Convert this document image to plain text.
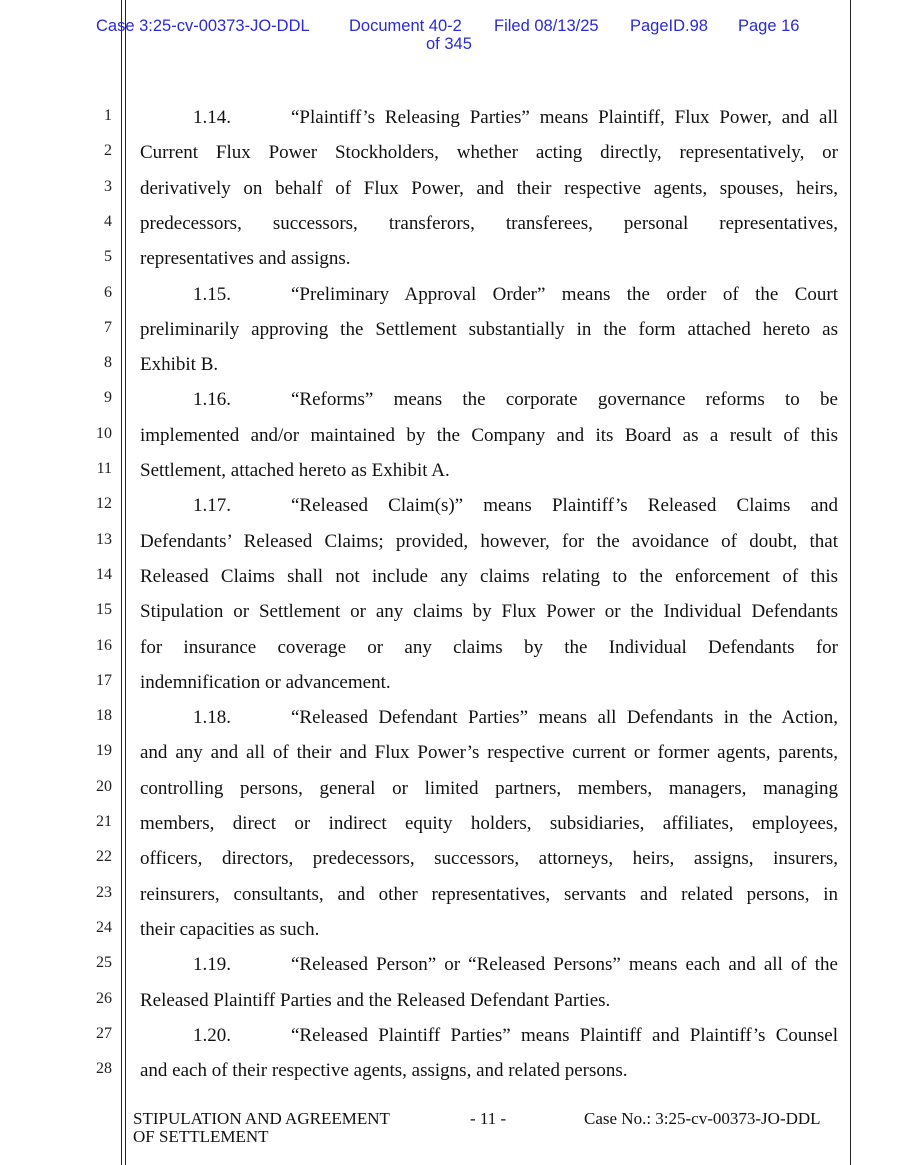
Case 3:25-cv-00373-JO-DDL Document 40-2 Filed 08/13/25 PageID.98 Page 16
of 345
1
2
3
4
5
6
7
8
9
10
11
12
13
14
15
16
17
18
19
20
21
22
23
24
25
26
27
28
1.14.	“Plaintiff’s Releasing Parties” means Plaintiff, Flux Power, and all
Current Flux Power Stockholders, whether acting directly, representatively, or
derivatively on behalf of Flux Power, and their respective agents, spouses, heirs,
predecessors, successors, transferors, transferees, personal representatives,
representatives and assigns.
1.15.	“Preliminary Approval Order” means the order of the Court
preliminarily approving the Settlement substantially in the form attached hereto as
Exhibit B.
1.16.	“Reforms” means the corporate governance reforms to be
implemented and/or maintained by the Company and its Board as a result of this
Settlement, attached hereto as Exhibit A.
1.17.	“Released Claim(s)” means Plaintiff’s Released Claims and
Defendants’ Released Claims; provided, however, for the avoidance of doubt, that
Released Claims shall not include any claims relating to the enforcement of this
Stipulation or Settlement or any claims by Flux Power or the Individual Defendants
for insurance coverage or any claims by the Individual Defendants for
indemnification or advancement.
1.18.	“Released Defendant Parties” means all Defendants in the Action,
and any and all of their and Flux Power’s respective current or former agents, parents,
controlling persons, general or limited partners, members, managers, managing
members, direct or indirect equity holders, subsidiaries, affiliates, employees,
officers, directors, predecessors, successors, attorneys, heirs, assigns, insurers,
reinsurers, consultants, and other representatives, servants and related persons, in
their capacities as such.
1.19.	“Released Person” or “Released Persons” means each and all of the
Released Plaintiff Parties and the Released Defendant Parties.
1.20.	“Released Plaintiff Parties” means Plaintiff and Plaintiff’s Counsel
and each of their respective agents, assigns, and related persons.
STIPULATION AND AGREEMENT
OF SETTLEMENT
- 11 -	Case No.: 3:25-cv-00373-JO-DDL
